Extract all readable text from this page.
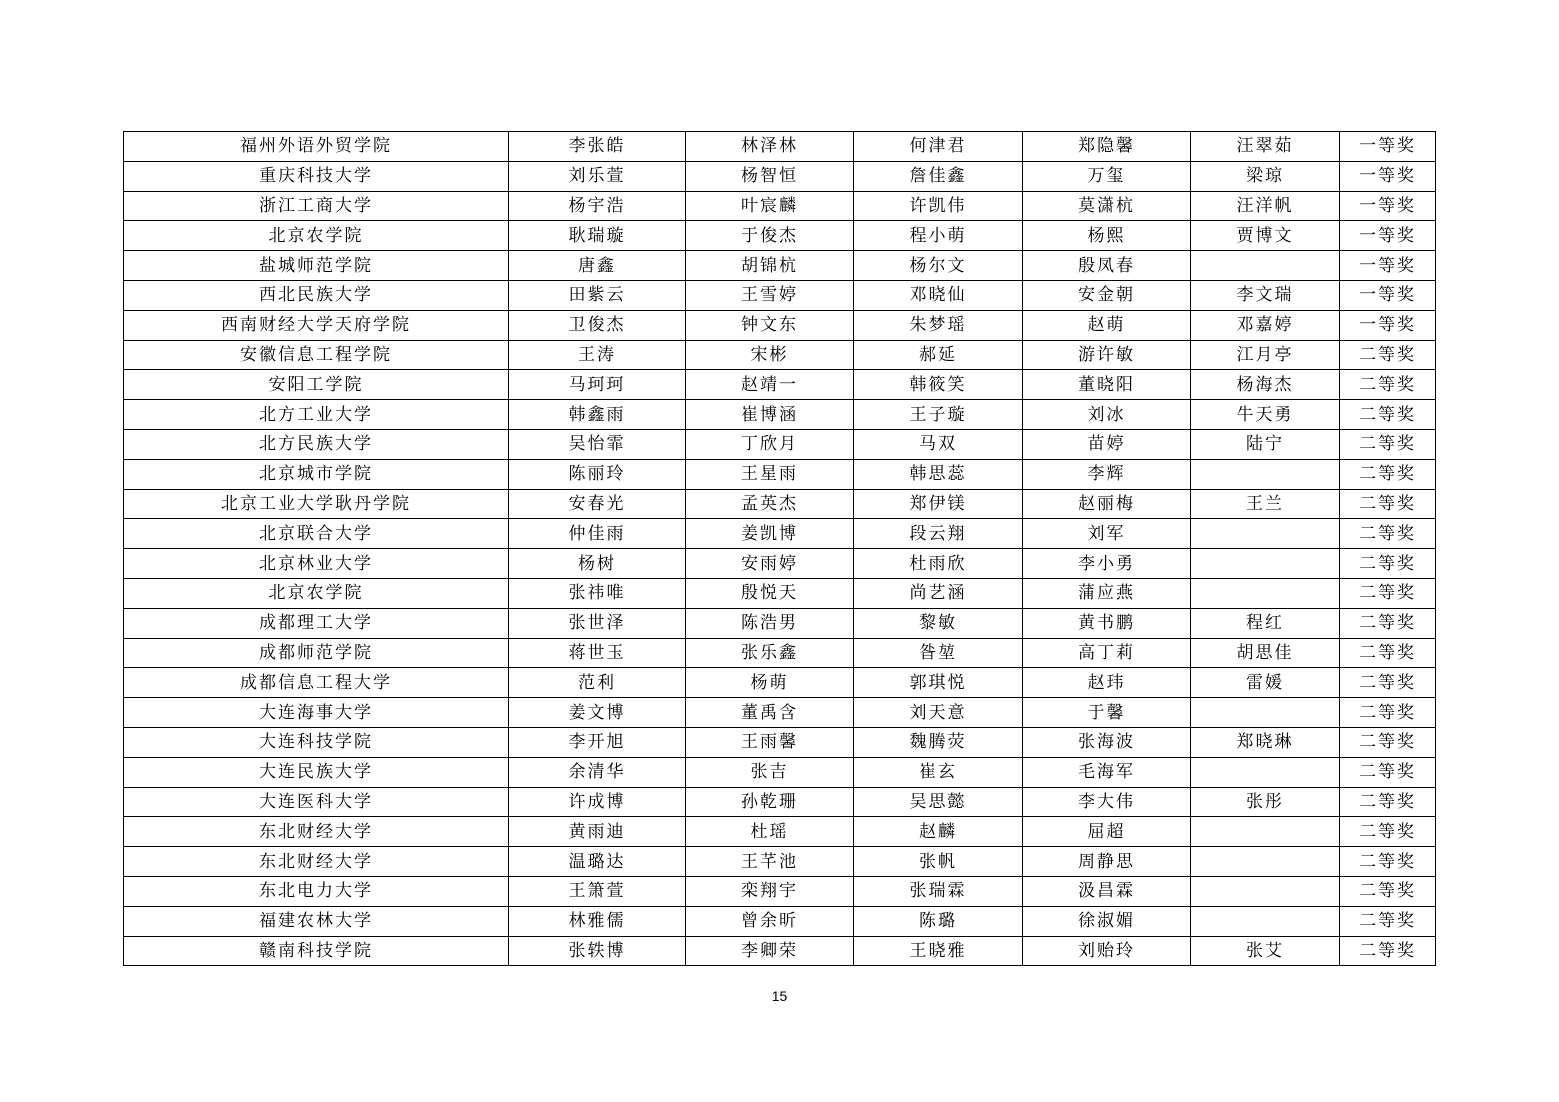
福州外语外贸学院	李张皓	林泽林	何津君	郑隐馨	汪翠茹	一等奖
重庆科技大学	刘乐萱	杨智恒	詹佳鑫	万玺	梁琼	一等奖
浙江工商大学	杨宇浩	叶宸麟	许凯伟	莫潇杭	汪洋帆	一等奖
北京农学院	耿瑞璇	于俊杰	程小萌	杨熙	贾博文	一等奖
盐城师范学院	唐鑫	胡锦杭	杨尔文	殷凤春		一等奖
西北民族大学	田紫云	王雪婷	邓晓仙	安金朝	李文瑞	一等奖
西南财经大学天府学院	卫俊杰	钟文东	朱梦瑶	赵萌	邓嘉婷	一等奖
安徽信息工程学院	王涛	宋彬	郝延	游许敏	江月亭	二等奖
安阳工学院	马珂珂	赵靖一	韩筱笑	董晓阳	杨海杰	二等奖
北方工业大学	韩鑫雨	崔博涵	王子璇	刘冰	牛天勇	二等奖
北方民族大学	吴怡霏	丁欣月	马双	苗婷	陆宁	二等奖
北京城市学院	陈丽玲	王星雨	韩思蕊	李辉		二等奖
北京工业大学耿丹学院	安春光	孟英杰	郑伊镁	赵丽梅	王兰	二等奖
北京联合大学	仲佳雨	姜凯博	段云翔	刘军		二等奖
北京林业大学	杨树	安雨婷	杜雨欣	李小勇		二等奖
北京农学院	张祎唯	殷悦天	尚艺涵	蒲应燕		二等奖
成都理工大学	张世泽	陈浩男	黎敏	黄书鹏	程红	二等奖
成都师范学院	蒋世玉	张乐鑫	昝堃	高丁莉	胡思佳	二等奖
成都信息工程大学	范利	杨萌	郭琪悦	赵玮	雷媛	二等奖
大连海事大学	姜文博	董禹含	刘天意	于馨		二等奖
大连科技学院	李开旭	王雨馨	魏腾荧	张海波	郑晓琳	二等奖
大连民族大学	余清华	张吉	崔玄	毛海军		二等奖
大连医科大学	许成博	孙乾珊	吴思懿	李大伟	张彤	二等奖
东北财经大学	黄雨迪	杜瑶	赵麟	屈超		二等奖
东北财经大学	温璐达	王芊池	张帆	周静思		二等奖
东北电力大学	王箫萱	栾翔宇	张瑞霖	汲昌霖		二等奖
福建农林大学	林雅儒	曾余昕	陈璐	徐淑媚		二等奖
赣南科技学院	张轶博	李卿荣	王晓雅	刘贻玲	张艾	二等奖
15
